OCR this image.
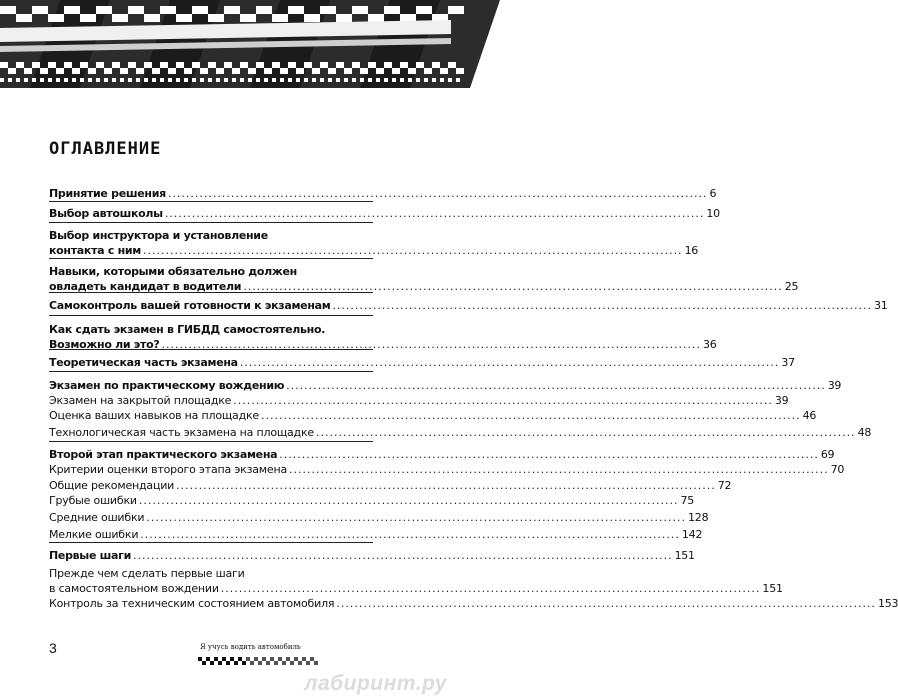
ОГЛАВЛЕНИЕ
Принятие решения ........................................................................................................................ 6
Выбор автошколы ........................................................................................................................ 10
Выбор инструктора и установление
контакта с ним ........................................................................................................................ 16
Навыки, которыми обязательно должен
овладеть кандидат в водители ........................................................................................................................ 25
Самоконтроль вашей готовности к экзаменам ........................................................................................................................ 31
Как сдать экзамен в ГИБДД самостоятельно.
Возможно ли это? ........................................................................................................................ 36
Теоретическая часть экзамена ........................................................................................................................ 37
Экзамен по практическому вождению ........................................................................................................................ 39
Экзамен на закрытой площадке ........................................................................................................................ 39
Оценка ваших навыков на площадке ........................................................................................................................ 46
Технологическая часть экзамена на площадке ........................................................................................................................ 48
Второй этап практического экзамена ........................................................................................................................ 69
Критерии оценки второго этапа экзамена ........................................................................................................................ 70
Общие рекомендации ........................................................................................................................ 72
Грубые ошибки ........................................................................................................................ 75
Средние ошибки ........................................................................................................................ 128
Мелкие ошибки ........................................................................................................................ 142
Первые шаги ........................................................................................................................ 151
Прежде чем сделать первые шаги
в самостоятельном вождении ........................................................................................................................ 151
Контроль за техническим состоянием автомобиля ........................................................................................................................ 153
3	Я учусь водить автомобиль
лабиринт.ру
